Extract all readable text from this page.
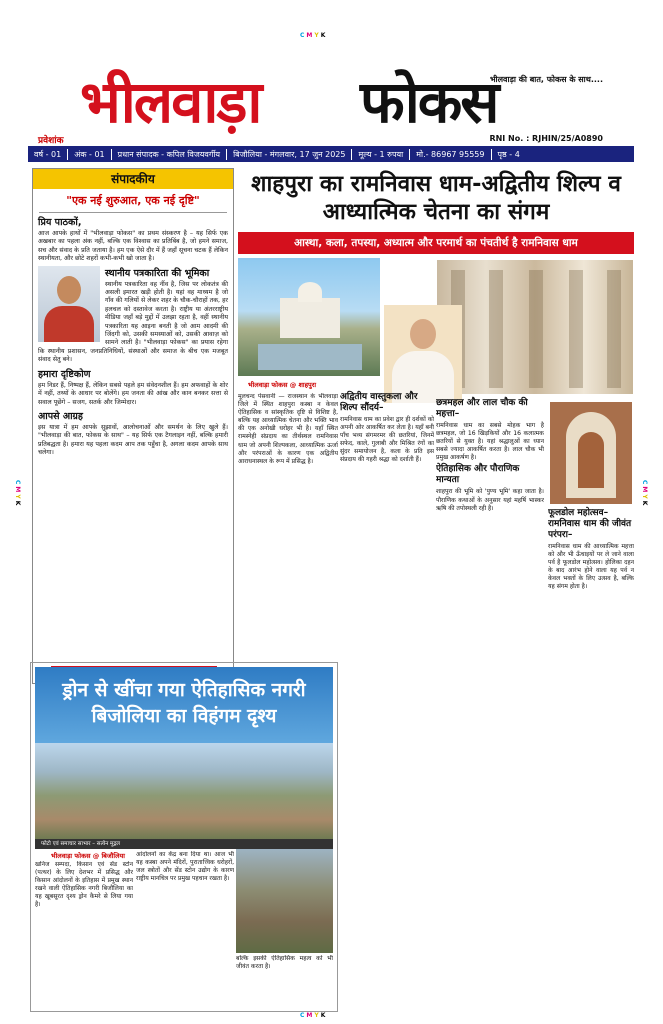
CMYK
भीलवाड़ा फोकस
भीलवाड़ा की बात, फोकस के साथ....
प्रवेशांक	RNI No. : RJHIN/25/A0890
वर्ष - 01	अंक - 01	प्रधान संपादक - कपिल विजयवर्गीय	बिजौलिया - मंगलवार, 17 जुन 2025	मूल्य - 1 रुपया	मो.- 86967 95559	पृष्ठ - 4
CMYK
CMYK
संपादकीय
"एक नई शुरुआत, एक नई दृष्टि"
प्रिय पाठकों,
आज आपके हाथों में "भीलवाड़ा फोकस" का प्रथम संस्करण है – यह सिर्फ एक अखबार का पहला अंक नहीं, बल्कि एक विश्वास का प्रतिबिंब है, जो हमने समाज, सच और संवाद के प्रति जताया है। हम एक ऐसे दौर में हैं जहाँ सूचना चटक हैं लेकिन स्थानीयता, और छोटे शहरों कभी-कभी खो जाता है।
स्थानीय पत्रकारिता की भूमिका
स्थानीय पत्रकारिता वह नींव है, जिस पर लोकतंत्र की असली इमारत खड़ी होती है। यहां वह माध्यम है जो गाँव की गलियों से लेकर शहर के चौक-चौराहों तक, हर हलचल को दस्तावेज करता है। राष्ट्रीय या अंतरराष्ट्रीय मीडिया जहाँ बड़े मुद्दों में उलझा रहता है, वहीं स्थानीय पत्रकारिता यह आइना बनती है जो आम आदमी की जिंदगी को, उसकी समस्याओं को, उसकी आवाज़ को सामने लाती है। "भीलवाड़ा फोकस" का प्रयास रहेगा कि स्थानीय प्रशासन, जनप्रतिनिधियों, संस्थाओं और समाज के बीच एक मजबूत संवाद सेतु बने।
हमारा दृष्टिकोण
हम निडर हैं, निष्पक्ष हैं, लेकिन सबसे पहले हम संवेदनशील हैं। हम अफवाहों के शोर में नहीं, तथ्यों के आधार पर बोलेंगे। हम जनता की आंख और कान बनकर सत्ता से सवाल पूछेंगे – सजग, सतर्क और जिम्मेदार।
आपसे आग्रह
इस यात्रा में हम आपके सुझावों, आलोचनाओं और समर्थन के लिए खुले हैं। "भीलवाड़ा की बात, फोकस के साथ" – यह सिर्फ एक टैगलाइन नहीं, बल्कि हमारी प्रतिबद्धता है। हमारा यह पहला कदम आप तक पहुँचा है, अगला कदम आपके साथ चलेगा।
शाहपुरा का रामनिवास धाम-अद्वितीय शिल्प व आध्यात्मिक चेतना का संगम
आस्था, कला, तपस्या, अध्यात्म और परमार्थ का पंचतीर्थ है रामनिवास धाम
भीलवाड़ा फोकस @ शाहपुरा
मूलचन्द पेसवानी — राजस्थान के भीलवाड़ा जिले में स्थित शाहपुरा कस्बा न केवल ऐतिहासिक व सांस्कृतिक दृष्टि से विशिष्ट है, बल्कि यह आध्यात्मिक चेतना और भक्ति भाव की एक अनोखी धरोहर भी है। यहाँ स्थित रामस्नेही संप्रदाय का तीर्थस्थल रामनिवास धाम जो अपनी शिल्पकला, आध्यात्मिक ऊर्जा और परंपराओं के कारण एक अद्वितीय आराधनास्थल के रूप में प्रसिद्ध है।
अद्वितीय वास्तुकला और शिल्प सौंदर्य–
रामनिवास धाम का प्रवेश द्वार ही दर्शकों को अपनी ओर आकर्षित कर लेता है। यहाँ बनी पाँच भव्य संगमरमर की छतरियां, जिनमें सफेद, काले, गुलाबी और मिश्रित रंगों का सुंदर समायोजन है, कला के प्रति इस संप्रदाय की गहरी श्रद्धा को दर्शाती हैं।
छत्रमहल और लाल चौक की महत्ता–
रामनिवास धाम का सबसे मोहक भाग है छत्रमहल, जो 16 खिड़कियों और 16 कलात्मक छतरियों से युक्त है। यहां श्रद्धालुओं का ध्यान सबसे ज्यादा आकर्षित करता है। लाल चौक भी प्रमुख आकर्षण है।
ऐतिहासिक और पौराणिक मान्यता
शाहपुरा की भूमि को 'पुण्य भूमि' कहा जाता है। पौराणिक कथाओं के अनुसार यहां महर्षि भास्कर ऋषि की तपोस्थली रही है।	फूलडोल महोत्सव– रामनिवास धाम की जीवंत परंपरा–
रामनिवास धाम की आध्यात्मिक महत्ता को और भी ऊँचाइयों पर ले जाने वाला पर्व है फूलडोल महोत्सव। होलिका दहन के बाद आरंभ होने वाला यह पर्व न केवल भक्तों के लिए उत्सव है, बल्कि यह संगम होता है।
ड्रोन से खींचा गया ऐतिहासिक नगरी बिजोलिया का विहंगम दृश्य
फोटो एवं समाचार साभार – सत्येन मुद्गल
भीलवाड़ा फोकस @ बिजौलिया
खनिज सम्पदा, किसान एवं सेंड स्टोन (पत्थर) के लिए देशभर में प्रसिद्ध और किसान आंदोलनों के इतिहास में प्रमुख स्थान रखने वाली ऐतिहासिक नगरी बिजौलिया का यह खूबसूरत दृश्य ड्रोन कैमरे से लिया गया है।
आंदोलनों का केंद्र बना दिया था। आज भी यह कस्बा अपने मंदिरों, पुरातात्त्विक धरोहरों, जल स्त्रोतों और सेंड स्टोन उद्योग के कारण राष्ट्रीय मानचित्र पर प्रमुख पहचान रखता है।
बल्कि इसकी ऐतिहासिक महत्व को भी जीवंत करता है।
CMYK
